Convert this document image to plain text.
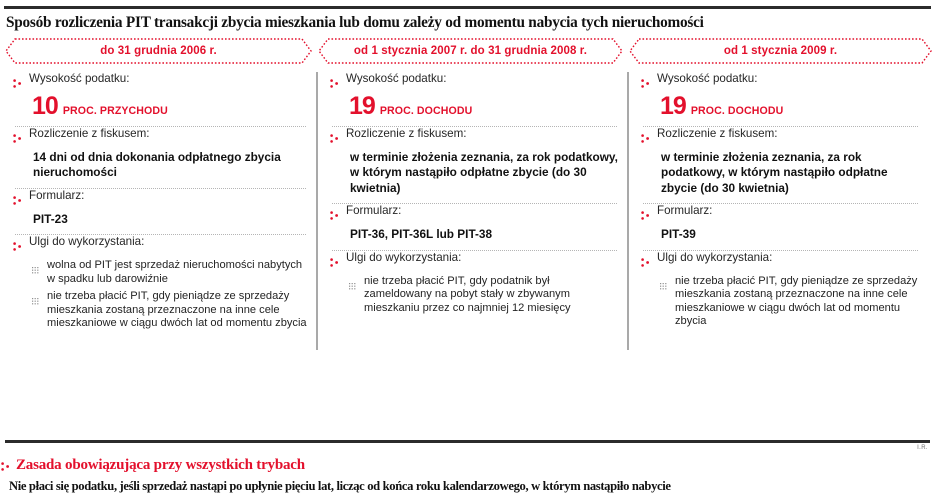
Sposób rozliczenia PIT transakcji zbycia mieszkania lub domu zależy od momentu nabycia tych nieruchomości
do 31 grudnia 2006 r.	od 1 stycznia 2007 r. do 31 grudnia 2008 r.	od 1 stycznia 2009 r.
Wysokość podatku:
10 PROC. PRZYCHODU
Rozliczenie z fiskusem:
14 dni od dnia dokonania odpłatnego zbycia nieruchomości
Formularz:
PIT-23
Ulgi do wykorzystania:
wolna od PIT jest sprzedaż nieruchomości nabytych w spadku lub darowiźnie
nie trzeba płacić PIT, gdy pieniądze ze sprzedaży mieszkania zostaną przeznaczone na inne cele mieszkaniowe w ciągu dwóch lat od momentu zbycia
Wysokość podatku:
19 PROC. DOCHODU
Rozliczenie z fiskusem:
w terminie złożenia zeznania, za rok podatkowy, w którym nastąpiło odpłatne zbycie (do 30 kwietnia)
Formularz:
PIT-36, PIT-36L lub PIT-38
Ulgi do wykorzystania:
nie trzeba płacić PIT, gdy podatnik był zameldowany na pobyt stały w zbywanym mieszkaniu przez co najmniej 12 miesięcy
Wysokość podatku:
19 PROC. DOCHODU
Rozliczenie z fiskusem:
w terminie złożenia zeznania, za rok podatkowy, w którym nastąpiło odpłatne zbycie (do 30 kwietnia)
Formularz:
PIT-39
Ulgi do wykorzystania:
nie trzeba płacić PIT, gdy pieniądze ze sprzedaży mieszkania zostaną przeznaczone na inne cele mieszkaniowe w ciągu dwóch lat od momentu zbycia
I.R.
Zasada obowiązująca przy wszystkich trybach
Nie płaci się podatku, jeśli sprzedaż nastąpi po upłynie pięciu lat, licząc od końca roku kalendarzowego, w którym nastąpiło nabycie
